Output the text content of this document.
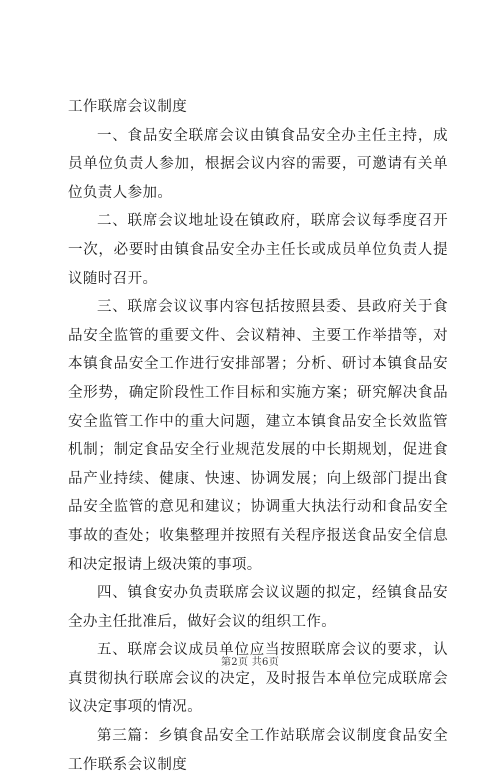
工作联席会议制度

一、食品安全联席会议由镇食品安全办主任主持，成员单位负责人参加，根据会议内容的需要，可邀请有关单位负责人参加。

二、联席会议地址设在镇政府，联席会议每季度召开一次，必要时由镇食品安全办主任长或成员单位负责人提议随时召开。

三、联席会议议事内容包括按照县委、县政府关于食品安全监管的重要文件、会议精神、主要工作举措等，对本镇食品安全工作进行安排部署；分析、研讨本镇食品安全形势，确定阶段性工作目标和实施方案；研究解决食品安全监管工作中的重大问题，建立本镇食品安全长效监管机制；制定食品安全行业规范发展的中长期规划，促进食品产业持续、健康、快速、协调发展；向上级部门提出食品安全监管的意见和建议；协调重大执法行动和食品安全事故的查处；收集整理并按照有关程序报送食品安全信息和决定报请上级决策的事项。

四、镇食安办负责联席会议议题的拟定，经镇食品安全办主任批准后，做好会议的组织工作。

五、联席会议成员单位应当按照联席会议的要求，认真贯彻执行联席会议的决定，及时报告本单位完成联席会议决定事项的情况。

第三篇：乡镇食品安全工作站联席会议制度食品安全工作联系会议制度

第2页 共6页
